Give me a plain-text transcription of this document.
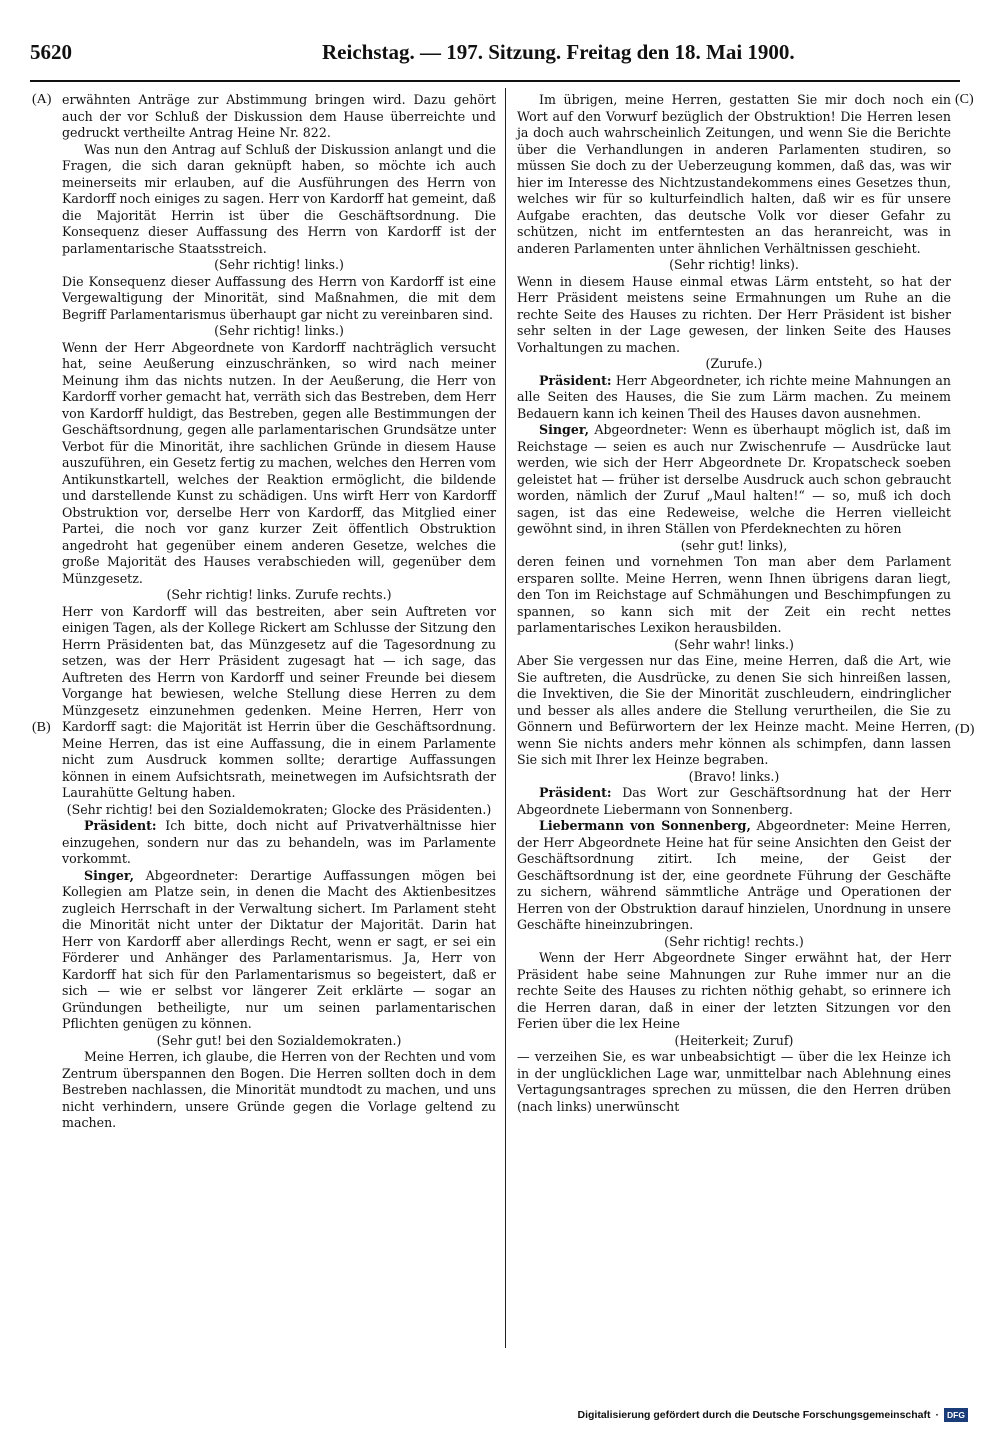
5620	Reichstag. — 197. Sitzung. Freitag den 18. Mai 1900.
(A)
(B)
(C)
(D)

erwähnten Anträge zur Abstimmung bringen wird. Dazu gehört auch der vor Schluß der Diskussion dem Hause überreichte und gedruckt vertheilte Antrag Heine Nr. 822.

Was nun den Antrag auf Schluß der Diskussion anlangt und die Fragen, die sich daran geknüpft haben, so möchte ich auch meinerseits mir erlauben, auf die Ausführungen des Herrn von Kardorff noch einiges zu sagen. Herr von Kardorff hat gemeint, daß die Majorität Herrin ist über die Geschäftsordnung. Die Konsequenz dieser Auffassung des Herrn von Kardorff ist der parlamentarische Staatsstreich.

(Sehr richtig! links.)

Die Konsequenz dieser Auffassung des Herrn von Kardorff ist eine Vergewaltigung der Minorität, sind Maßnahmen, die mit dem Begriff Parlamentarismus überhaupt gar nicht zu vereinbaren sind.

(Sehr richtig! links.)

Wenn der Herr Abgeordnete von Kardorff nachträglich versucht hat, seine Aeußerung einzuschränken, so wird nach meiner Meinung ihm das nichts nutzen. In der Aeußerung, die Herr von Kardorff vorher gemacht hat, verräth sich das Bestreben, dem Herr von Kardorff huldigt, das Bestreben, gegen alle Bestimmungen der Geschäftsordnung, gegen alle parlamentarischen Grundsätze unter Verbot für die Minorität, ihre sachlichen Gründe in diesem Hause auszuführen, ein Gesetz fertig zu machen, welches den Herren vom Antikunstkartell, welches der Reaktion ermöglicht, die bildende und darstellende Kunst zu schädigen. Uns wirft Herr von Kardorff Obstruktion vor, derselbe Herr von Kardorff, das Mitglied einer Partei, die noch vor ganz kurzer Zeit öffentlich Obstruktion angedroht hat gegenüber einem anderen Gesetze, welches die große Majorität des Hauses verabschieden will, gegenüber dem Münzgesetz.

(Sehr richtig! links. Zurufe rechts.)

Herr von Kardorff will das bestreiten, aber sein Auftreten vor einigen Tagen, als der Kollege Rickert am Schlusse der Sitzung den Herrn Präsidenten bat, das Münzgesetz auf die Tagesordnung zu setzen, was der Herr Präsident zugesagt hat — ich sage, das Auftreten des Herrn von Kardorff und seiner Freunde bei diesem Vorgange hat bewiesen, welche Stellung diese Herren zu dem Münzgesetz einzunehmen gedenken. Meine Herren, Herr von Kardorff sagt: die Majorität ist Herrin über die Geschäftsordnung. Meine Herren, das ist eine Auffassung, die in einem Parlamente nicht zum Ausdruck kommen sollte; derartige Auffassungen können in einem Aufsichtsrath, meinetwegen im Aufsichtsrath der Laurahütte Geltung haben.

(Sehr richtig! bei den Sozialdemokraten; Glocke des Präsidenten.)

Präsident: Ich bitte, doch nicht auf Privatverhältnisse hier einzugehen, sondern nur das zu behandeln, was im Parlamente vorkommt.

Singer, Abgeordneter: Derartige Auffassungen mögen bei Kollegien am Platze sein, in denen die Macht des Aktienbesitzes zugleich Herrschaft in der Verwaltung sichert. Im Parlament steht die Minorität nicht unter der Diktatur der Majorität. Darin hat Herr von Kardorff aber allerdings Recht, wenn er sagt, er sei ein Förderer und Anhänger des Parlamentarismus. Ja, Herr von Kardorff hat sich für den Parlamentarismus so begeistert, daß er sich — wie er selbst vor längerer Zeit erklärte — sogar an Gründungen betheiligte, nur um seinen parlamentarischen Pflichten genügen zu können.

(Sehr gut! bei den Sozialdemokraten.)

Meine Herren, ich glaube, die Herren von der Rechten und vom Zentrum überspannen den Bogen. Die Herren sollten doch in dem Bestreben nachlassen, die Minorität mundtodt zu machen, und uns nicht verhindern, unsere Gründe gegen die Vorlage geltend zu machen.

Im übrigen, meine Herren, gestatten Sie mir doch noch ein Wort auf den Vorwurf bezüglich der Obstruktion! Die Herren lesen ja doch auch wahrscheinlich Zeitungen, und wenn Sie die Berichte über die Verhandlungen in anderen Parlamenten studiren, so müssen Sie doch zu der Ueberzeugung kommen, daß das, was wir hier im Interesse des Nichtzustandekommens eines Gesetzes thun, welches wir für so kulturfeindlich halten, daß wir es für unsere Aufgabe erachten, das deutsche Volk vor dieser Gefahr zu schützen, nicht im entferntesten an das heranreicht, was in anderen Parlamenten unter ähnlichen Verhältnissen geschieht.

(Sehr richtig! links).

Wenn in diesem Hause einmal etwas Lärm entsteht, so hat der Herr Präsident meistens seine Ermahnungen um Ruhe an die rechte Seite des Hauses zu richten. Der Herr Präsident ist bisher sehr selten in der Lage gewesen, der linken Seite des Hauses Vorhaltungen zu machen.

(Zurufe.)

Präsident: Herr Abgeordneter, ich richte meine Mahnungen an alle Seiten des Hauses, die Sie zum Lärm machen. Zu meinem Bedauern kann ich keinen Theil des Hauses davon ausnehmen.

Singer, Abgeordneter: Wenn es überhaupt möglich ist, daß im Reichstage — seien es auch nur Zwischenrufe — Ausdrücke laut werden, wie sich der Herr Abgeordnete Dr. Kropatscheck soeben geleistet hat — früher ist derselbe Ausdruck auch schon gebraucht worden, nämlich der Zuruf „Maul halten!“ — so, muß ich doch sagen, ist das eine Redeweise, welche die Herren vielleicht gewöhnt sind, in ihren Ställen von Pferdeknechten zu hören

(sehr gut! links),

deren feinen und vornehmen Ton man aber dem Parlament ersparen sollte. Meine Herren, wenn Ihnen übrigens daran liegt, den Ton im Reichstage auf Schmähungen und Beschimpfungen zu spannen, so kann sich mit der Zeit ein recht nettes parlamentarisches Lexikon herausbilden.

(Sehr wahr! links.)

Aber Sie vergessen nur das Eine, meine Herren, daß die Art, wie Sie auftreten, die Ausdrücke, zu denen Sie sich hinreißen lassen, die Invektiven, die Sie der Minorität zuschleudern, eindringlicher und besser als alles andere die Stellung verurtheilen, die Sie zu Gönnern und Befürwortern der lex Heinze macht. Meine Herren, wenn Sie nichts anders mehr können als schimpfen, dann lassen Sie sich mit Ihrer lex Heinze begraben.

(Bravo! links.)

Präsident: Das Wort zur Geschäftsordnung hat der Herr Abgeordnete Liebermann von Sonnenberg.

Liebermann von Sonnenberg, Abgeordneter: Meine Herren, der Herr Abgeordnete Heine hat für seine Ansichten den Geist der Geschäftsordnung zitirt. Ich meine, der Geist der Geschäftsordnung ist der, eine geordnete Führung der Geschäfte zu sichern, während sämmtliche Anträge und Operationen der Herren von der Obstruktion darauf hinzielen, Unordnung in unsere Geschäfte hineinzubringen.

(Sehr richtig! rechts.)

Wenn der Herr Abgeordnete Singer erwähnt hat, der Herr Präsident habe seine Mahnungen zur Ruhe immer nur an die rechte Seite des Hauses zu richten nöthig gehabt, so erinnere ich die Herren daran, daß in einer der letzten Sitzungen vor den Ferien über die lex Heine

(Heiterkeit; Zuruf)

— verzeihen Sie, es war unbeabsichtigt — über die lex Heinze ich in der unglücklichen Lage war, unmittelbar nach Ablehnung eines Vertagungsantrages sprechen zu müssen, die den Herren drüben (nach links) unerwünscht

Digitalisierung gefördert durch die Deutsche Forschungsgemeinschaft · DFG
